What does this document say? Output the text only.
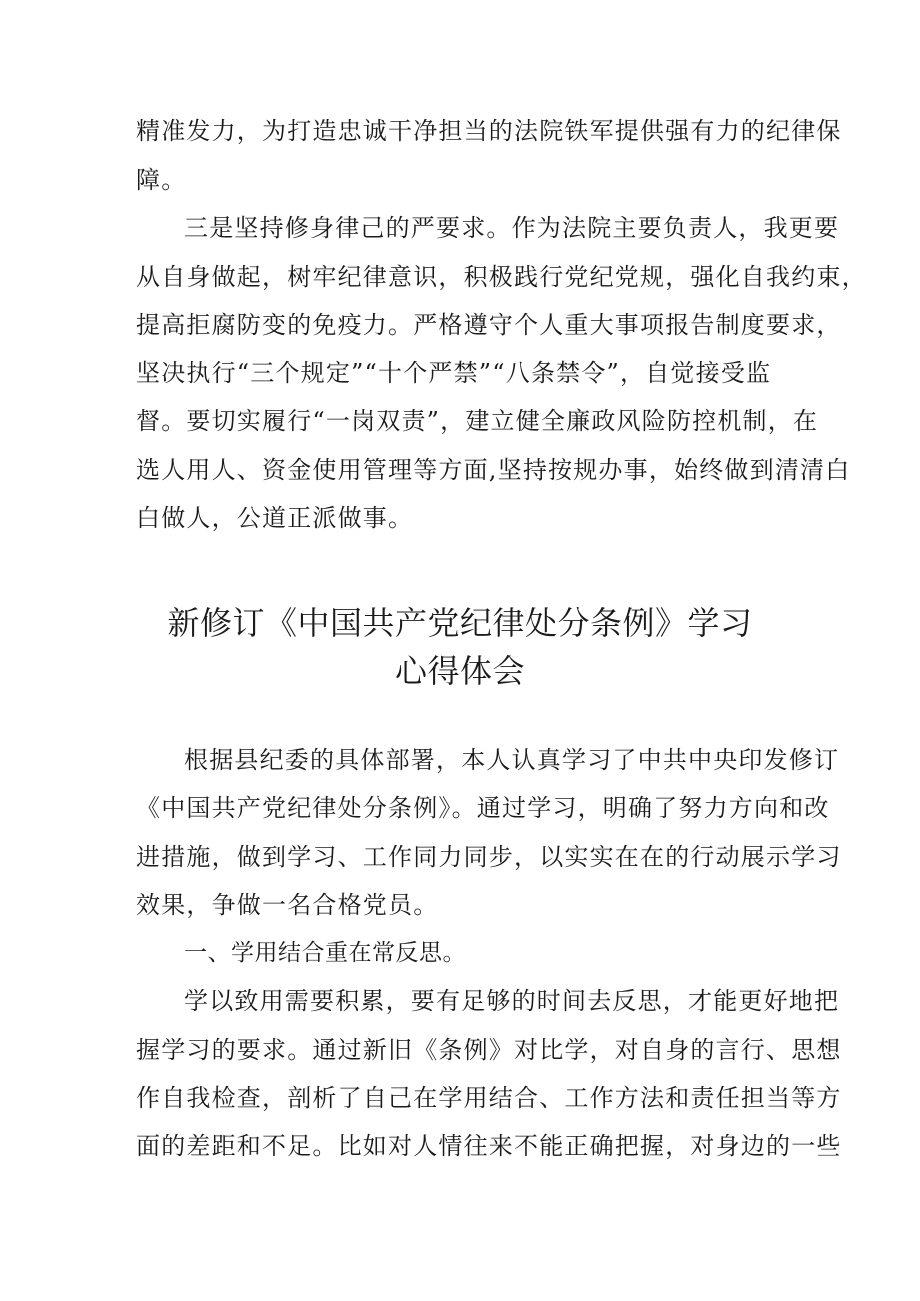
精准发力，为打造忠诚干净担当的法院铁军提供强有力的纪律保
障。
三是坚持修身律己的严要求。作为法院主要负责人，我更要
从自身做起，树牢纪律意识，积极践行党纪党规，强化自我约束，
提高拒腐防变的免疫力。严格遵守个人重大事项报告制度要求，
坚决执行“三个规定”“十个严禁”“八条禁令”，自觉接受监
督。要切实履行“一岗双责”，建立健全廉政风险防控机制，在
选人用人、资金使用管理等方面,坚持按规办事，始终做到清清白
白做人，公道正派做事。
新修订《中国共产党纪律处分条例》学习
心得体会
根据县纪委的具体部署，本人认真学习了中共中央印发修订
《中国共产党纪律处分条例》。通过学习，明确了努力方向和改
进措施，做到学习、工作同力同步，以实实在在的行动展示学习
效果，争做一名合格党员。
一、学用结合重在常反思。
学以致用需要积累，要有足够的时间去反思，才能更好地把
握学习的要求。通过新旧《条例》对比学，对自身的言行、思想
作自我检查，剖析了自己在学用结合、工作方法和责任担当等方
面的差距和不足。比如对人情往来不能正确把握，对身边的一些
